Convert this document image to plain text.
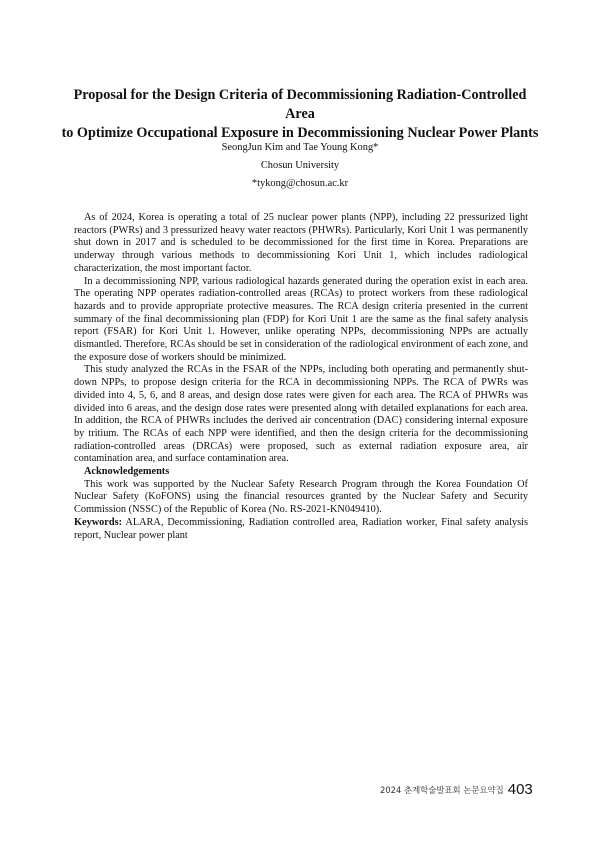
Proposal for the Design Criteria of Decommissioning Radiation-Controlled Area
to Optimize Occupational Exposure in Decommissioning Nuclear Power Plants
SeongJun Kim and Tae Young Kong*
Chosun University
*tykong@chosun.ac.kr

As of 2024, Korea is operating a total of 25 nuclear power plants (NPP), including 22 pressurized light reactors (PWRs) and 3 pressurized heavy water reactors (PHWRs). Particularly, Kori Unit 1 was permanently shut down in 2017 and is scheduled to be decommissioned for the first time in Korea. Preparations are underway through various methods to decommissioning Kori Unit 1, which includes radiological characterization, the most important factor.

In a decommissioning NPP, various radiological hazards generated during the operation exist in each area. The operating NPP operates radiation-controlled areas (RCAs) to protect workers from these radiological hazards and to provide appropriate protective measures. The RCA design criteria presented in the current summary of the final decommissioning plan (FDP) for Kori Unit 1 are the same as the final safety analysis report (FSAR) for Kori Unit 1. However, unlike operating NPPs, decommissioning NPPs are actually dismantled. Therefore, RCAs should be set in consideration of the radiological environment of each zone, and the exposure dose of workers should be minimized.

This study analyzed the RCAs in the FSAR of the NPPs, including both operating and permanently shut-down NPPs, to propose design criteria for the RCA in decommissioning NPPs. The RCA of PWRs was divided into 4, 5, 6, and 8 areas, and design dose rates were given for each area. The RCA of PHWRs was divided into 6 areas, and the design dose rates were presented along with detailed explanations for each area. In addition, the RCA of PHWRs includes the derived air concentration (DAC) considering internal exposure by tritium. The RCAs of each NPP were identified, and then the design criteria for the decommissioning radiation-controlled areas (DRCAs) were proposed, such as external radiation exposure area, air contamination area, and surface contamination area.

Acknowledgements

This work was supported by the Nuclear Safety Research Program through the Korea Foundation Of Nuclear Safety (KoFONS) using the financial resources granted by the Nuclear Safety and Security Commission (NSSC) of the Republic of Korea (No. RS-2021-KN049410).

Keywords: ALARA, Decommissioning, Radiation controlled area, Radiation worker, Final safety analysis report, Nuclear power plant

2024 춘계학술발표회 논문요약집 403
